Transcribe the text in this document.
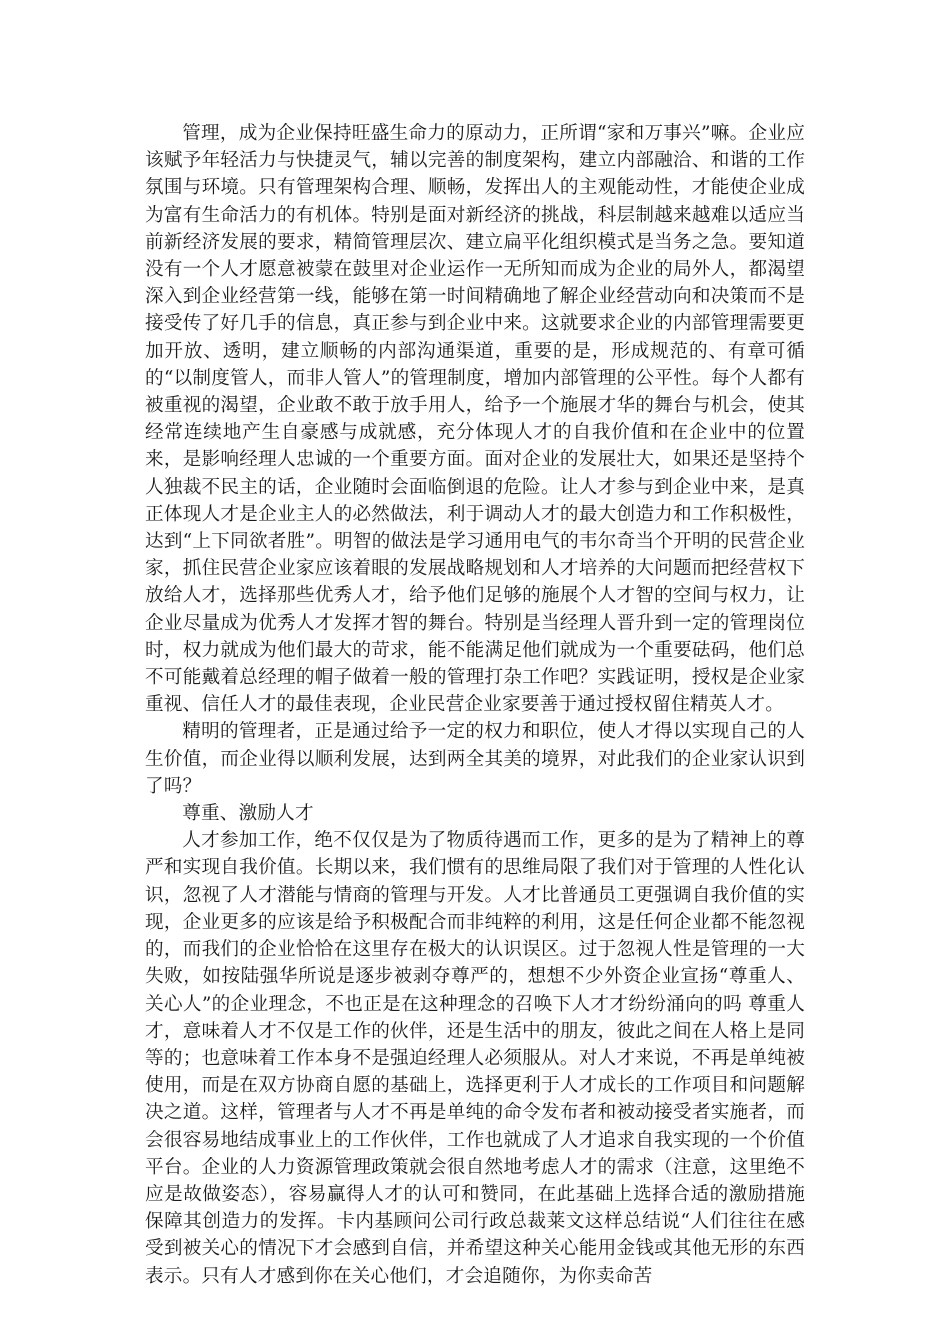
管理，成为企业保持旺盛生命力的原动力，正所谓“家和万事兴”嘛。企业应该赋予年轻活力与快捷灵气，辅以完善的制度架构，建立内部融洽、和谐的工作氛围与环境。只有管理架构合理、顺畅，发挥出人的主观能动性，才能使企业成为富有生命活力的有机体。特别是面对新经济的挑战，科层制越来越难以适应当前新经济发展的要求，精简管理层次、建立扁平化组织模式是当务之急。要知道没有一个人才愿意被蒙在鼓里对企业运作一无所知而成为企业的局外人，都渴望深入到企业经营第一线，能够在第一时间精确地了解企业经营动向和决策而不是接受传了好几手的信息，真正参与到企业中来。这就要求企业的内部管理需要更加开放、透明，建立顺畅的内部沟通渠道，重要的是，形成规范的、有章可循的“以制度管人，而非人管人”的管理制度，增加内部管理的公平性。每个人都有被重视的渴望，企业敢不敢于放手用人，给予一个施展才华的舞台与机会，使其经常连续地产生自豪感与成就感，充分体现人才的自我价值和在企业中的位置来，是影响经理人忠诚的一个重要方面。面对企业的发展壮大，如果还是坚持个人独裁不民主的话，企业随时会面临倒退的危险。让人才参与到企业中来，是真正体现人才是企业主人的必然做法，利于调动人才的最大创造力和工作积极性，达到“上下同欲者胜”。明智的做法是学习通用电气的韦尔奇当个开明的民营企业家，抓住民营企业家应该着眼的发展战略规划和人才培养的大问题而把经营权下放给人才，选择那些优秀人才，给予他们足够的施展个人才智的空间与权力，让企业尽量成为优秀人才发挥才智的舞台。特别是当经理人晋升到一定的管理岗位时，权力就成为他们最大的苛求，能不能满足他们就成为一个重要砝码，他们总不可能戴着总经理的帽子做着一般的管理打杂工作吧？实践证明，授权是企业家重视、信任人才的最佳表现，企业民营企业家要善于通过授权留住精英人才。

精明的管理者，正是通过给予一定的权力和职位，使人才得以实现自己的人生价值，而企业得以顺利发展，达到两全其美的境界，对此我们的企业家认识到了吗？

尊重、激励人才

人才参加工作，绝不仅仅是为了物质待遇而工作，更多的是为了精神上的尊严和实现自我价值。长期以来，我们惯有的思维局限了我们对于管理的人性化认识，忽视了人才潜能与情商的管理与开发。人才比普通员工更强调自我价值的实现，企业更多的应该是给予积极配合而非纯粹的利用，这是任何企业都不能忽视的，而我们的企业恰恰在这里存在极大的认识误区。过于忽视人性是管理的一大失败，如按陆强华所说是逐步被剥夺尊严的，想想不少外资企业宣扬“尊重人、关心人”的企业理念，不也正是在这种理念的召唤下人才才纷纷涌向的吗 尊重人才，意味着人才不仅是工作的伙伴，还是生活中的朋友，彼此之间在人格上是同等的；也意味着工作本身不是强迫经理人必须服从。对人才来说，不再是单纯被使用，而是在双方协商自愿的基础上，选择更利于人才成长的工作项目和问题解决之道。这样，管理者与人才不再是单纯的命令发布者和被动接受者实施者，而会很容易地结成事业上的工作伙伴，工作也就成了人才追求自我实现的一个价值平台。企业的人力资源管理政策就会很自然地考虑人才的需求（注意，这里绝不应是故做姿态），容易赢得人才的认可和赞同，在此基础上选择合适的激励措施保障其创造力的发挥。卡内基顾问公司行政总裁莱文这样总结说“人们往往在感受到被关心的情况下才会感到自信，并希望这种关心能用金钱或其他无形的东西表示。只有人才感到你在关心他们，才会追随你，为你卖命苦
